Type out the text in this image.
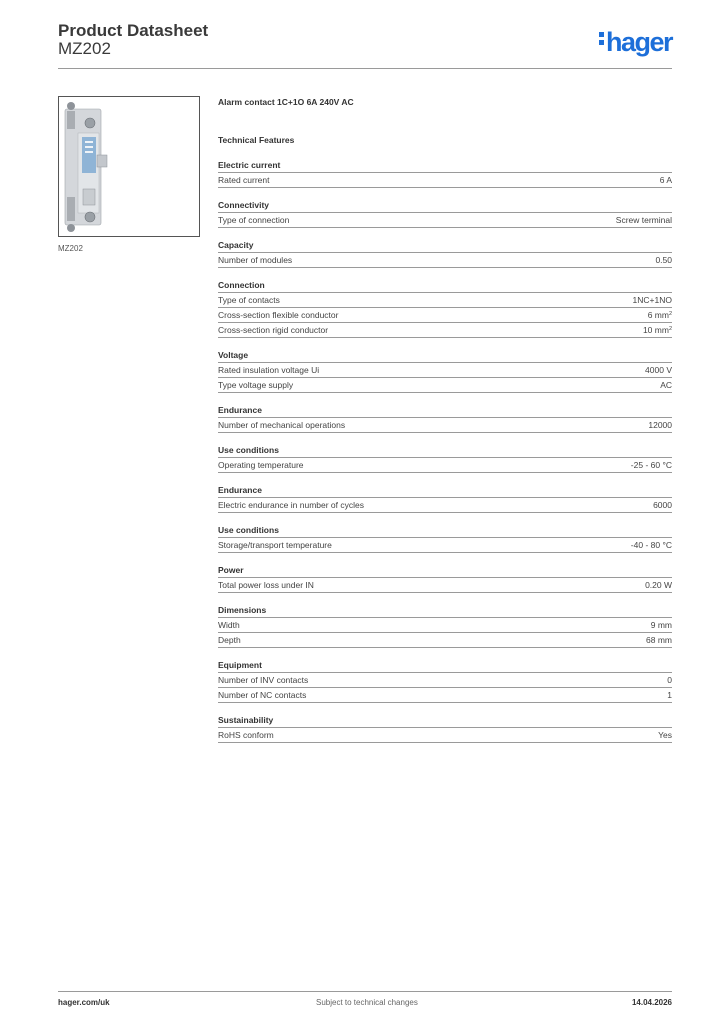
Product Datasheet
MZ202	hager
MZ202
Alarm contact 1C+1O 6A 240V AC
Technical Features
Electric current
Rated current	6 A
Connectivity
Type of connection	Screw terminal
Capacity
Number of modules	0.50
Connection
Type of contacts	1NC+1NO
Cross-section flexible conductor	6 $mm^2$
Cross-section rigid conductor	10 $mm^2$
Voltage
Rated insulation voltage Ui	4000 V
Type voltage supply	AC
Endurance
Number of mechanical operations	12000
Use conditions
Operating temperature	-25 - 60 °C
Endurance
Electric endurance in number of cycles	6000
Use conditions
Storage/transport temperature	-40 - 80 °C
Power
Total power loss under IN	0.20 W
Dimensions
Width	9 mm
Depth	68 mm
Equipment
Number of INV contacts	0
Number of NC contacts	1
Sustainability
RoHS conform	Yes
hager.com/uk	Subject to technical changes	14.04.2026
